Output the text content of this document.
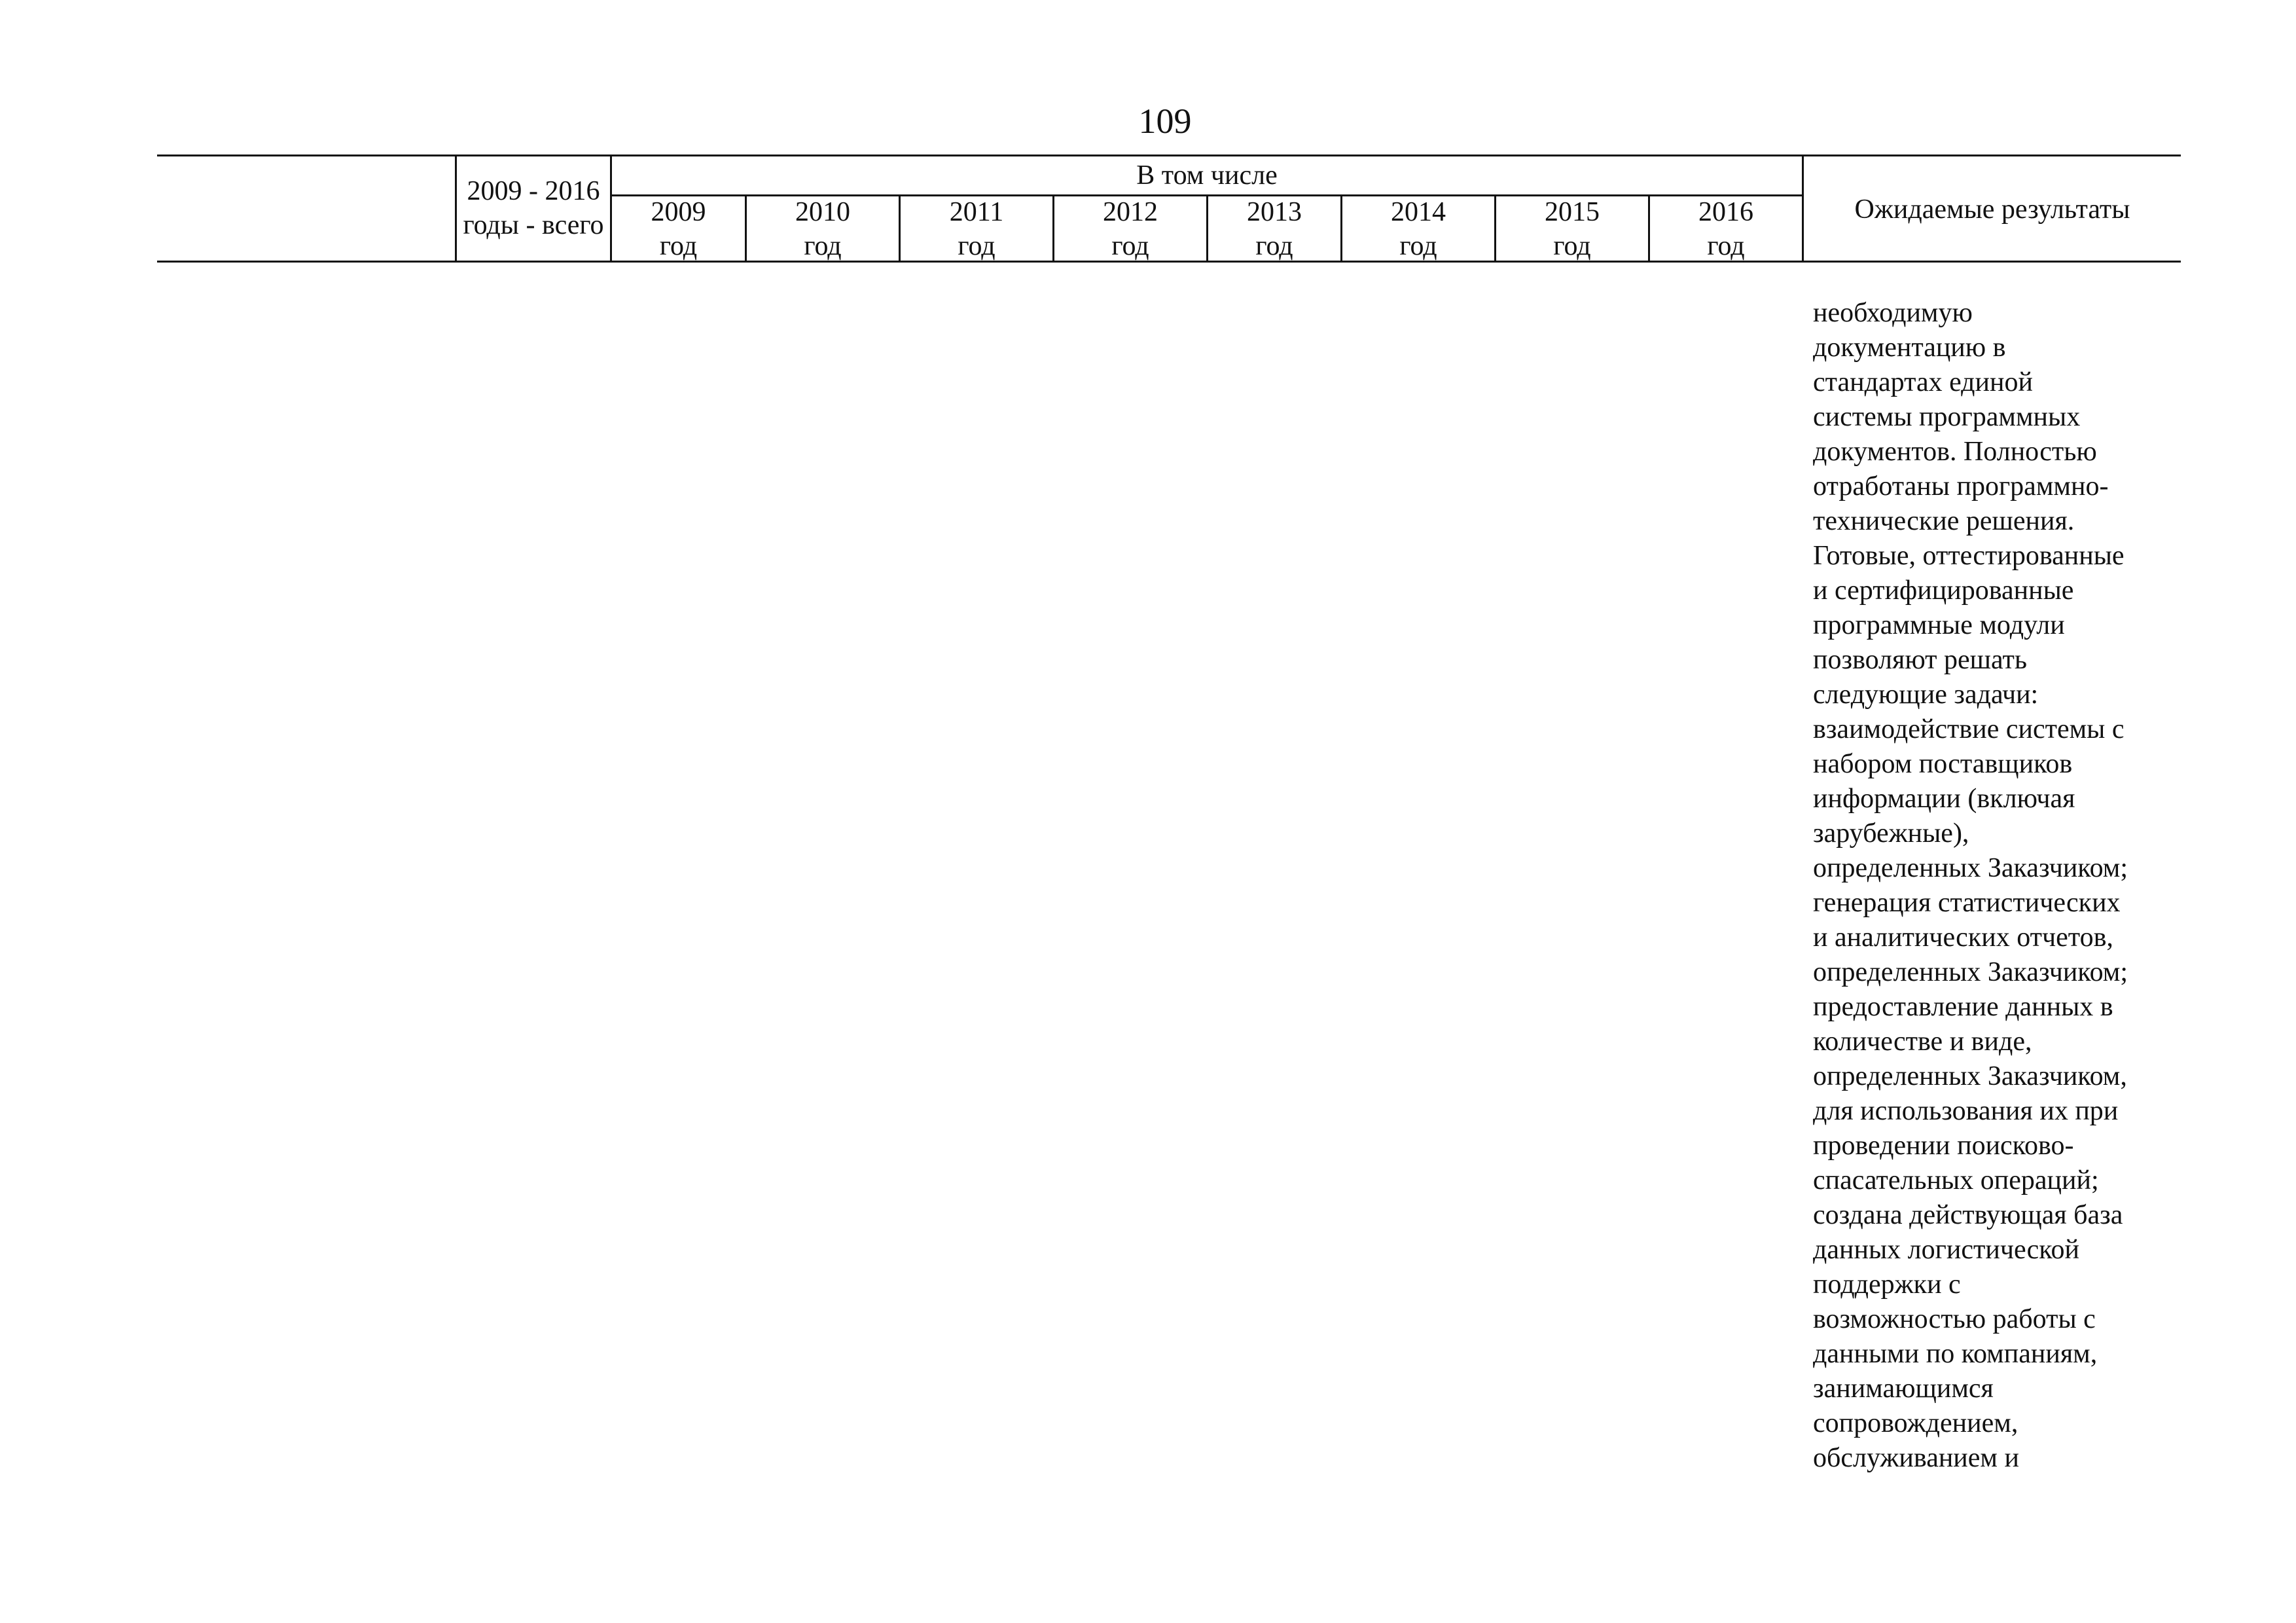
109
2009 - 2016
годы - всего
В том числе
2009
год
2010
год
2011
год
2012
год
2013
год
2014
год
2015
год
2016
год
Ожидаемые результаты
необходимую
документацию в
стандартах единой
системы программных
документов. Полностью
отработаны программно-
технические решения.
Готовые, оттестированные
и сертифицированные
программные модули
позволяют решать
следующие задачи:
взаимодействие системы с
набором поставщиков
информации (включая
зарубежные),
определенных Заказчиком;
генерация статистических
и аналитических отчетов,
определенных Заказчиком;
предоставление данных в
количестве и виде,
определенных Заказчиком,
для использования их при
проведении поисково-
спасательных операций;
создана действующая база
данных логистической
поддержки с
возможностью работы с
данными по компаниям,
занимающимся
сопровождением,
обслуживанием и
